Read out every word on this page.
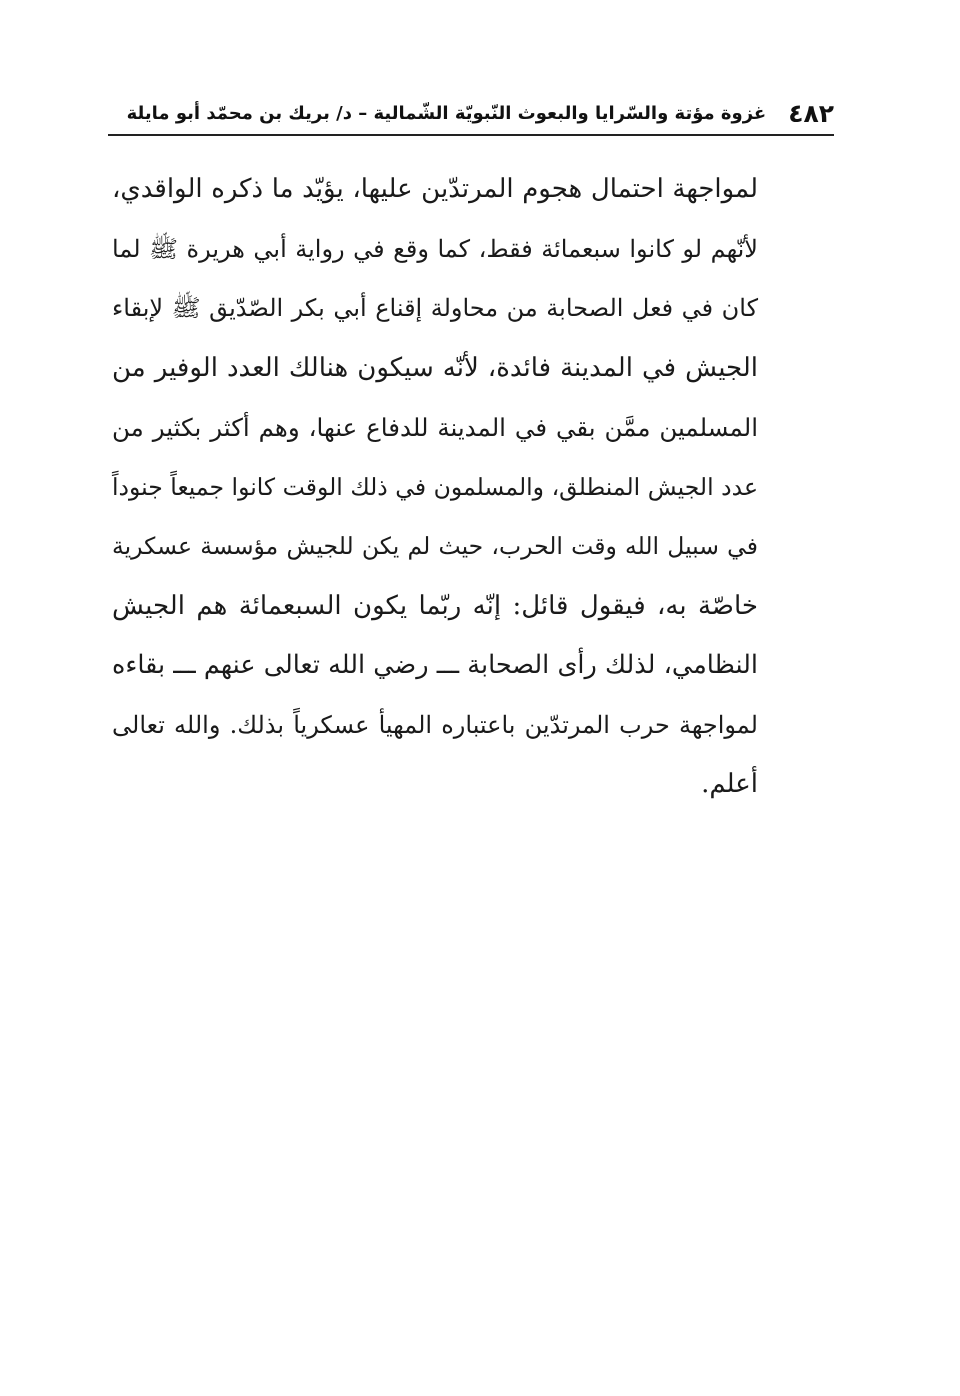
٤٨٢
غزوة مؤتة والسّرايا والبعوث النّبويّة الشّمالية – د/ بريك بن محمّد أبو مايلة
لمواجهة احتمال هجوم المرتدّين عليها، يؤيّد ما ذكره الواقدي،
لأنّهم لو كانوا سبعمائة فقط، كما وقع في رواية أبي هريرة ﷺ لما
كان في فعل الصحابة من محاولة إقناع أبي بكر الصّدّيق ﷺ لإبقاء
الجيش في المدينة فائدة، لأنّه سيكون هنالك العدد الوفير من
المسلمين ممَّن بقي في المدينة للدفاع عنها، وهم أكثر بكثير من
عدد الجيش المنطلق، والمسلمون في ذلك الوقت كانوا جميعاً جنوداً
في سبيل الله وقت الحرب، حيث لم يكن للجيش مؤسسة عسكرية
خاصّة به، فيقول قائل: إنّه ربّما يكون السبعمائة هم الجيش
النظامي، لذلك رأى الصحابة ـــ رضي الله تعالى عنهم ـــ بقاءه
لمواجهة حرب المرتدّين باعتباره المهيأ عسكرياً بذلك. والله تعالى
أعلم.
